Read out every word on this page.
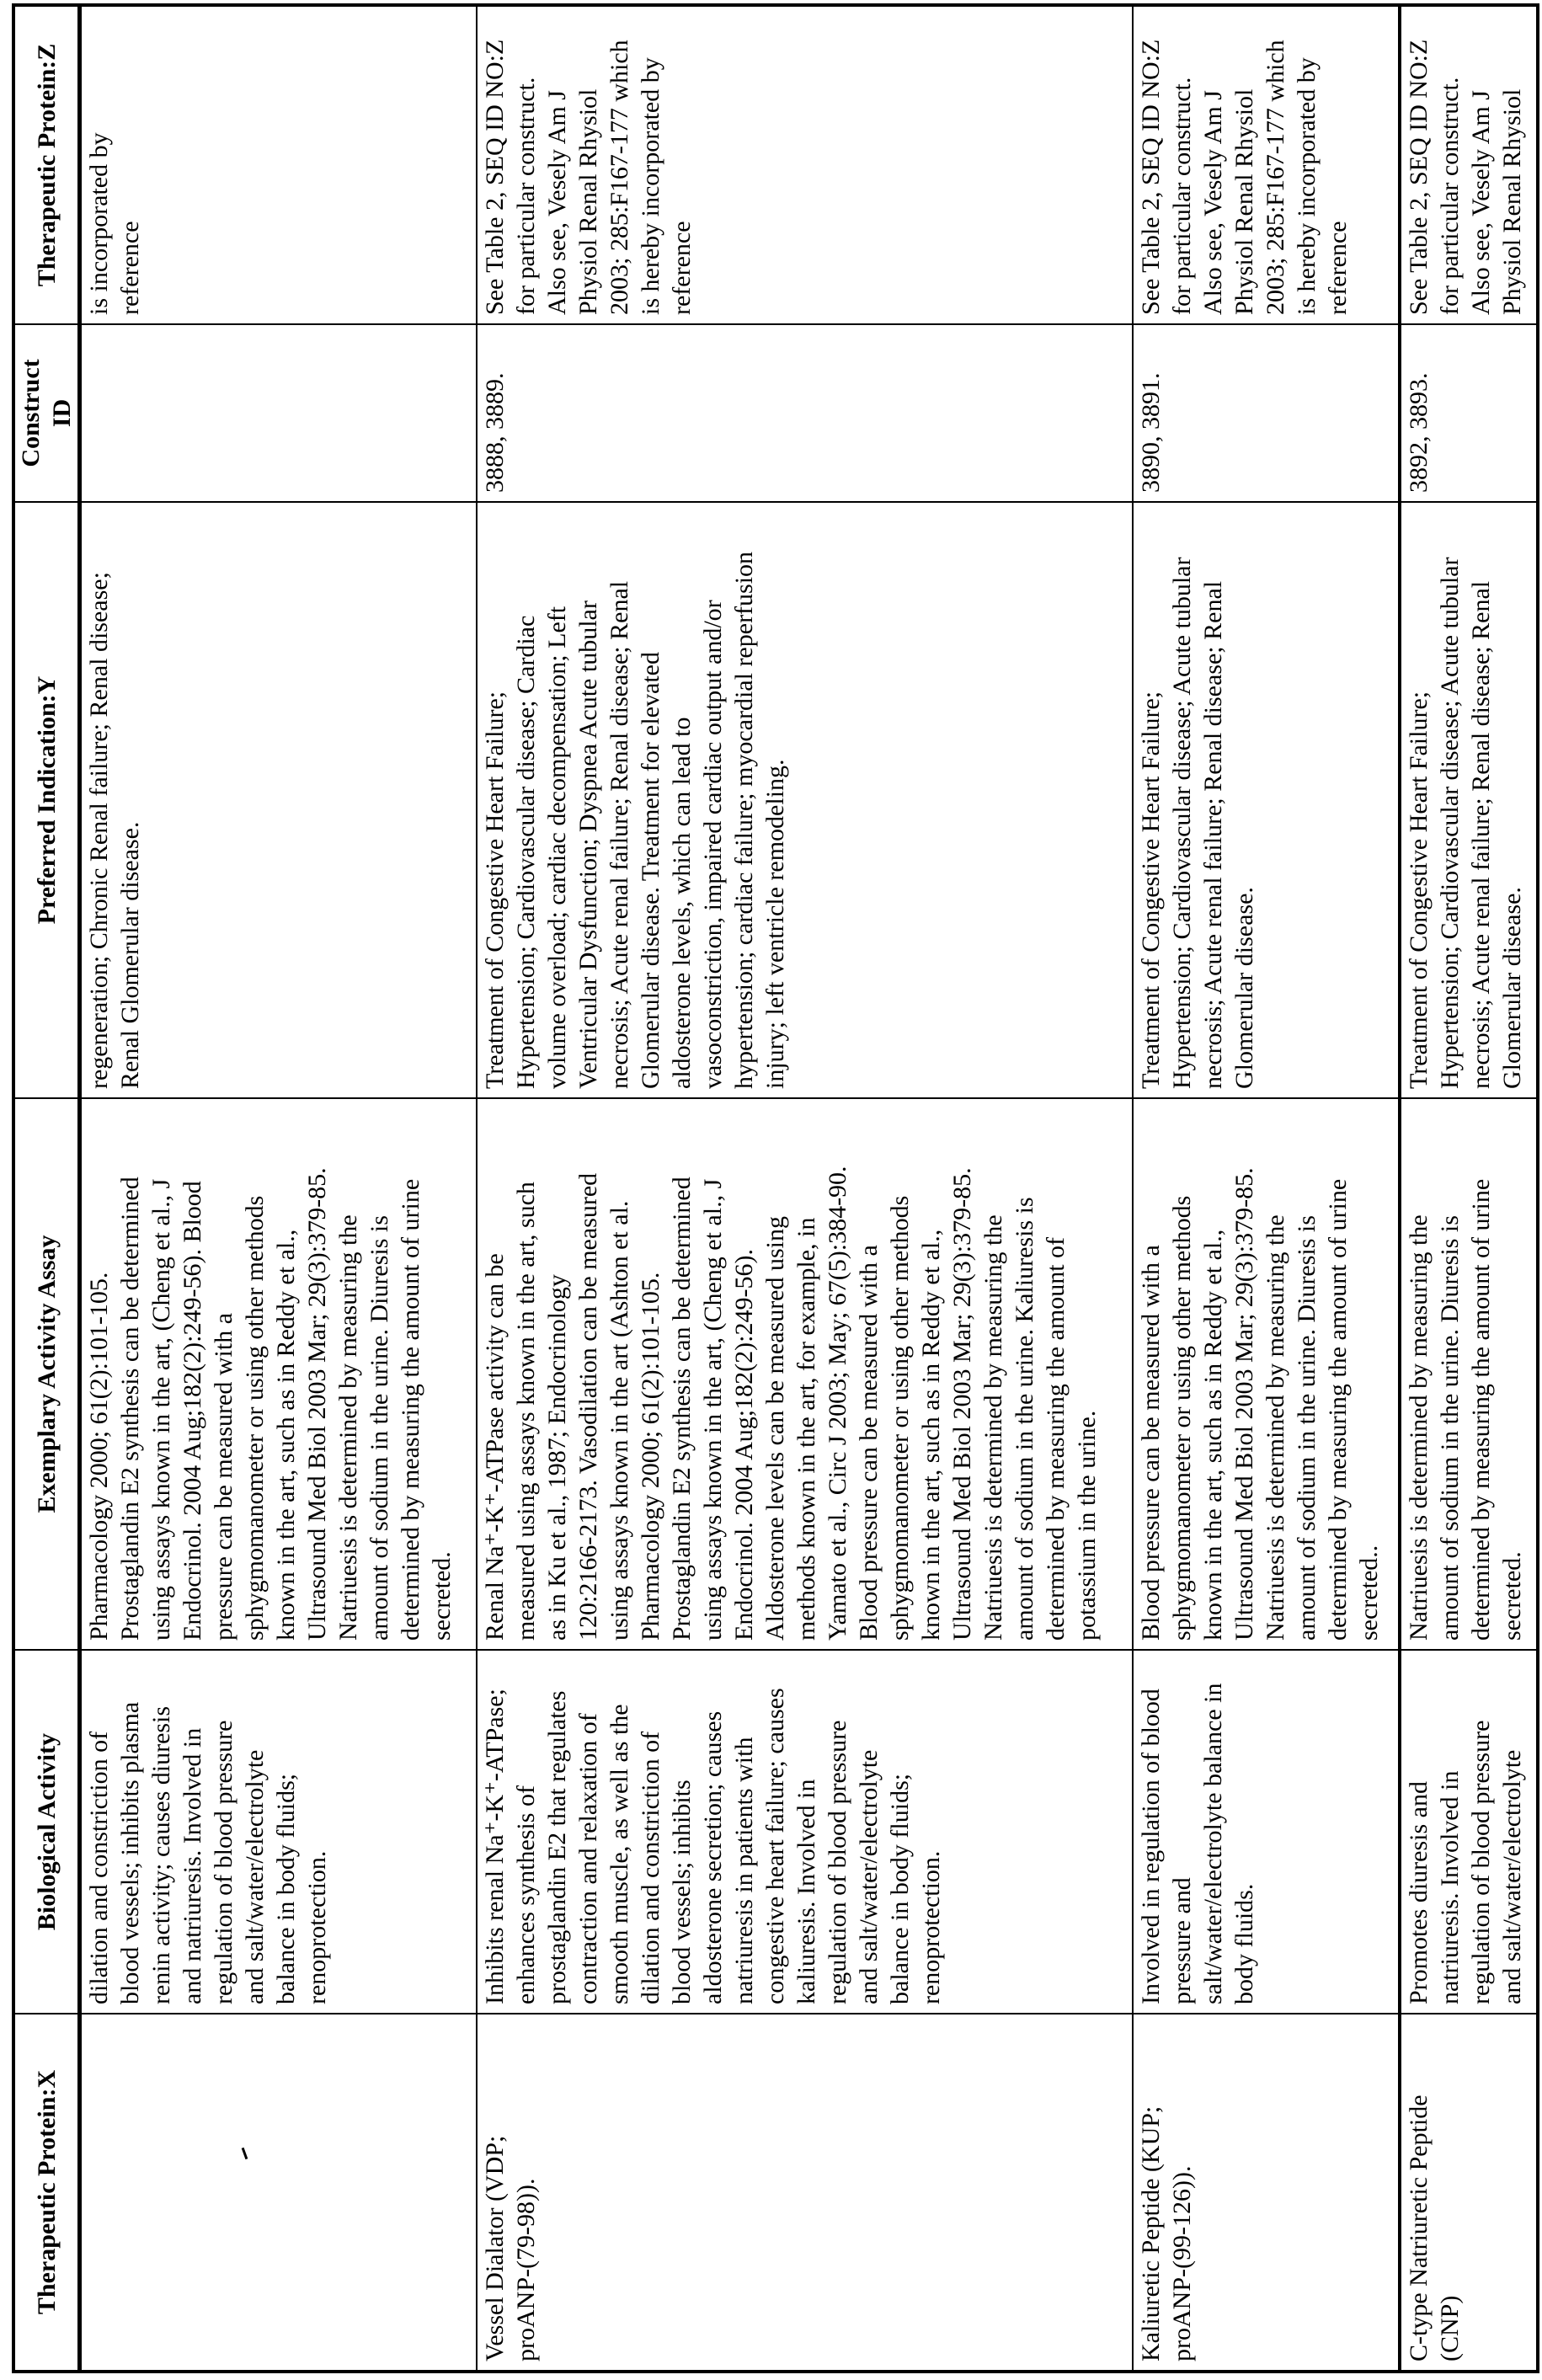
Therapeutic Protein:X	Biological Activity	Exemplary Activity Assay	Preferred Indication:Y	Construct
ID	Therapeutic Protein:Z
	dilation and constriction of
blood vessels; inhibits plasma
renin activity; causes diuresis
and natriuresis. Involved in
regulation of blood pressure
and salt/water/electrolyte
balance in body fluids;
renoprotection.	Pharmacology 2000; 61(2):101-105.
Prostaglandin E2 synthesis can be determined
using assays known in the art, (Cheng et al., J
Endocrinol. 2004 Aug;182(2):249-56). Blood
pressure can be measured with a
sphygmomanometer or using other methods
known in the art, such as in Reddy et al.,
Ultrasound Med Biol 2003 Mar; 29(3):379-85.
Natriuesis is determined by measuring the
amount of sodium in the urine. Diuresis is
determined by measuring the amount of urine
secreted.	regeneration; Chronic Renal failure; Renal disease;
Renal Glomerular disease.		is incorporated by
reference
Vessel Dialator (VDP;
proANP-(79-98)).	Inhibits renal Na⁺-K⁺-ATPase;
enhances synthesis of
prostaglandin E2 that regulates
contraction and relaxation of
smooth muscle, as well as the
dilation and constriction of
blood vessels; inhibits
aldosterone secretion; causes
natriuresis in patients with
congestive heart failure; causes
kaliuresis. Involved in
regulation of blood pressure
and salt/water/electrolyte
balance in body fluids;
renoprotection.	Renal Na⁺-K⁺-ATPase activity can be
measured using assays known in the art, such
as in Ku et al., 1987; Endocrinology
120:2166-2173. Vasodilation can be measured
using assays known in the art (Ashton et al.
Pharmacology 2000; 61(2):101-105.
Prostaglandin E2 synthesis can be determined
using assays known in the art, (Cheng et al., J
Endocrinol. 2004 Aug;182(2):249-56).
Aldosterone levels can be measured using
methods known in the art, for example, in
Yamato et al., Circ J 2003; May; 67(5):384-90.
Blood pressure can be measured with a
sphygmomanometer or using other methods
known in the art, such as in Reddy et al.,
Ultrasound Med Biol 2003 Mar; 29(3):379-85.
Natriuesis is determined by measuring the
amount of sodium in the urine. Kaliuresis is
determined by measuring the amount of
potassium in the urine.	Treatment of Congestive Heart Failure;
Hypertension; Cardiovascular disease; Cardiac
volume overload; cardiac decompensation; Left
Ventricular Dysfunction; Dyspnea Acute tubular
necrosis; Acute renal failure; Renal disease; Renal
Glomerular disease. Treatment for elevated
aldosterone levels, which can lead to
vasoconstriction, impaired cardiac output and/or
hypertension; cardiac failure; myocardial reperfusion
injury; left ventricle remodeling.	3888, 3889.	See Table 2, SEQ ID NO:Z
for particular construct.
Also see, Vesely Am J
Physiol Renal Rhysiol
2003; 285:F167-177 which
is hereby incorporated by
reference
Kaliuretic Peptide (KUP;
proANP-(99-126)).	Involved in regulation of blood
pressure and
salt/water/electrolyte balance in
body fluids.	Blood pressure can be measured with a
sphygmomanometer or using other methods
known in the art, such as in Reddy et al.,
Ultrasound Med Biol 2003 Mar; 29(3):379-85.
Natriuesis is determined by measuring the
amount of sodium in the urine. Diuresis is
determined by measuring the amount of urine
secreted..	Treatment of Congestive Heart Failure;
Hypertension; Cardiovascular disease; Acute tubular
necrosis; Acute renal failure; Renal disease; Renal
Glomerular disease.	3890, 3891.	See Table 2, SEQ ID NO:Z
for particular construct.
Also see, Vesely Am J
Physiol Renal Rhysiol
2003; 285:F167-177 which
is hereby incorporated by
reference
C-type Natriuretic Peptide
(CNP)	Promotes diuresis and
natriuresis. Involved in
regulation of blood pressure
and salt/water/electrolyte	Natriuesis is determined by measuring the
amount of sodium in the urine. Diuresis is
determined by measuring the amount of urine
secreted.	Treatment of Congestive Heart Failure;
Hypertension; Cardiovascular disease; Acute tubular
necrosis; Acute renal failure; Renal disease; Renal
Glomerular disease.	3892, 3893.	See Table 2, SEQ ID NO:Z
for particular construct.
Also see, Vesely Am J
Physiol Renal Rhysiol
